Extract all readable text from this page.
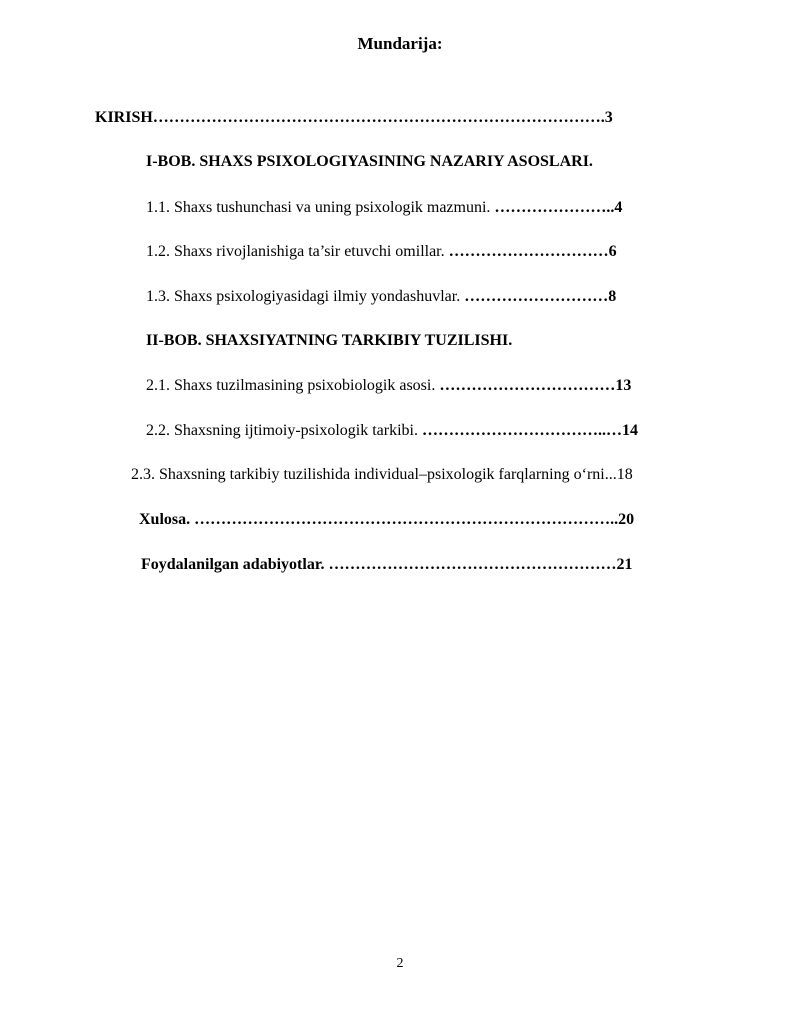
Mundarija:
KIRISH………………………………………………………………………….3
I-BOB. SHAXS PSIXOLOGIYASINING NAZARIY ASOSLARI.
1.1. Shaxs tushunchasi va uning psixologik mazmuni. …………………..4
1.2. Shaxs rivojlanishiga ta’sir etuvchi omillar. …………………………6
1.3. Shaxs psixologiyasidagi ilmiy yondashuvlar. ………………………8
II-BOB. SHAXSIYATNING TARKIBIY TUZILISHI.
2.1. Shaxs tuzilmasining psixobiologik asosi. ……………………………13
2.2. Shaxsning ijtimoiy-psixologik tarkibi. ……………………………..…14
2.3. Shaxsning tarkibiy tuzilishida individual–psixologik farqlarning oʻrni...18
Xulosa. ……………………………………………………………………..20
Foydalanilgan adabiyotlar. ………………………………………………21
2
